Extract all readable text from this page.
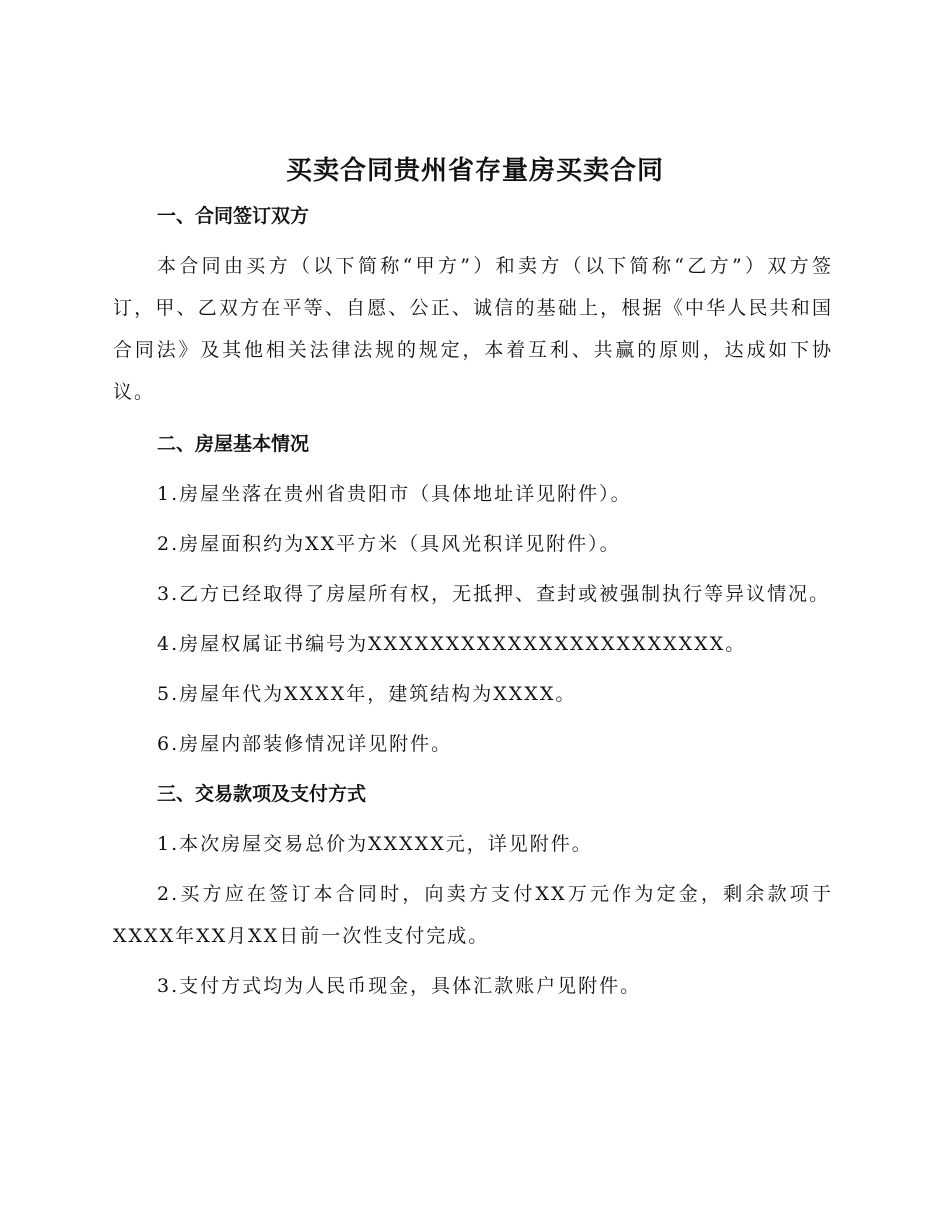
买卖合同贵州省存量房买卖合同

一、合同签订双方

本合同由买方（以下简称“甲方”）和卖方（以下简称“乙方”）双方签订，甲、乙双方在平等、自愿、公正、诚信的基础上，根据《中华人民共和国合同法》及其他相关法律法规的规定，本着互利、共赢的原则，达成如下协议。

二、房屋基本情况

1.房屋坐落在贵州省贵阳市（具体地址详见附件）。

2.房屋面积约为XX平方米（具风光积详见附件）。

3.乙方已经取得了房屋所有权，无抵押、查封或被强制执行等异议情况。

4.房屋权属证书编号为XXXXXXXXXXXXXXXXXXXXXXX。

5.房屋年代为XXXX年，建筑结构为XXXX。

6.房屋内部装修情况详见附件。

三、交易款项及支付方式

1.本次房屋交易总价为XXXXX元，详见附件。

2.买方应在签订本合同时，向卖方支付XX万元作为定金，剩余款项于XXXX年XX月XX日前一次性支付完成。

3.支付方式均为人民币现金，具体汇款账户见附件。
